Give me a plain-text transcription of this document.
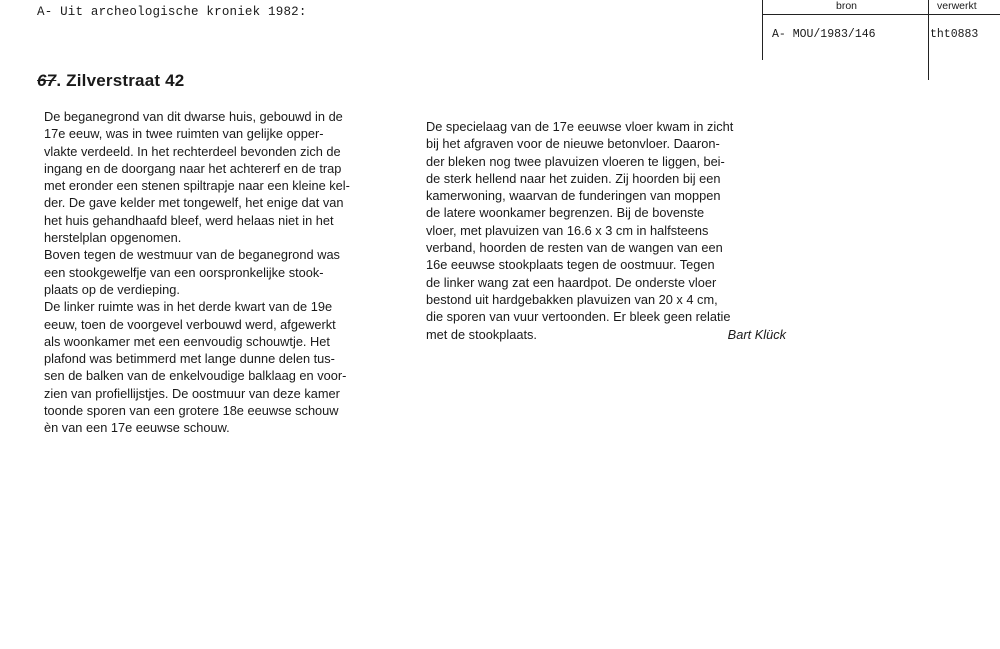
A- Uit archeologische kroniek 1982:	bron	verwerkt
A- MOU/1983/146	tht0883
67. Zilverstraat 42
De beganegrond van dit dwarse huis, gebouwd in de
17e eeuw, was in twee ruimten van gelijke opper-
vlakte verdeeld. In het rechterdeel bevonden zich de
ingang en de doorgang naar het achtererf en de trap
met eronder een stenen spiltrapje naar een kleine kel-
der. De gave kelder met tongewelf, het enige dat van
het huis gehandhaafd bleef, werd helaas niet in het
herstelplan opgenomen.
Boven tegen de westmuur van de beganegrond was
een stookgewelfje van een oorspronkelijke stook-
plaats op de verdieping.
De linker ruimte was in het derde kwart van de 19e
eeuw, toen de voorgevel verbouwd werd, afgewerkt
als woonkamer met een eenvoudig schouwtje. Het
plafond was betimmerd met lange dunne delen tus-
sen de balken van de enkelvoudige balklaag en voor-
zien van profiellijstjes. De oostmuur van deze kamer
toonde sporen van een grotere 18e eeuwse schouw
èn van een 17e eeuwse schouw.
De specielaag van de 17e eeuwse vloer kwam in zicht
bij het afgraven voor de nieuwe betonvloer. Daaron-
der bleken nog twee plavuizen vloeren te liggen, bei-
de sterk hellend naar het zuiden. Zij hoorden bij een
kamerwoning, waarvan de funderingen van moppen
de latere woonkamer begrenzen. Bij de bovenste
vloer, met plavuizen van 16.6 x 3 cm in halfsteens
verband, hoorden de resten van de wangen van een
16e eeuwse stookplaats tegen de oostmuur. Tegen
de linker wang zat een haardpot. De onderste vloer
bestond uit hardgebakken plavuizen van 20 x 4 cm,
die sporen van vuur vertoonden. Er bleek geen relatie
met de stookplaats.	Bart Klück
